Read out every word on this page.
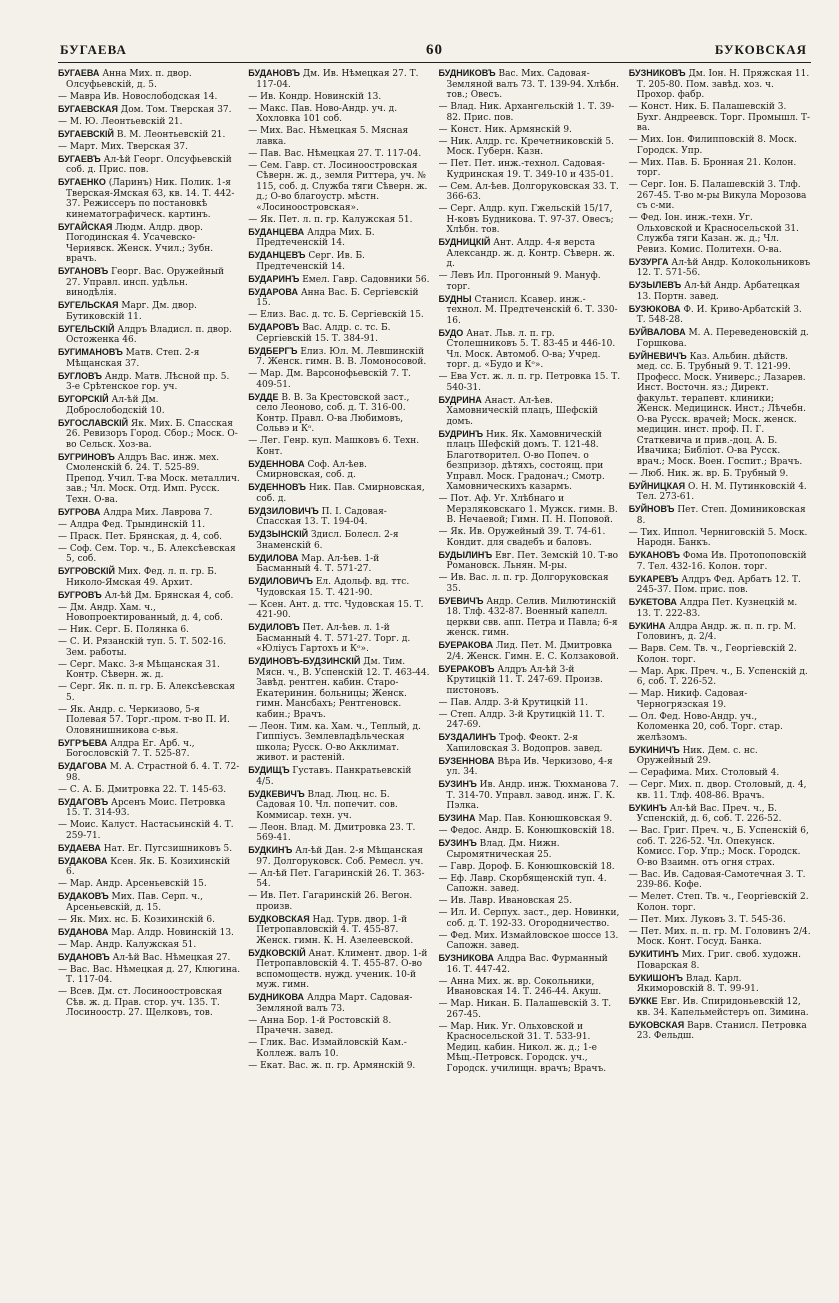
БУГАЕВА	60	БУКОВСКАЯ

БУГАЕВА Анна Мих. п. двор. Олсуфьевскій, д. 5.

— Мавра Ив. Новослободская 14.

БУГАЕВСКАЯ Дом. Том. Тверская 37.

— М. Ю. Леонтьевскій 21.

БУГАЕВСКІЙ В. М. Леонтьевскій 21.

— Март. Мих. Тверская 37.

БУГАЕВЪ Ал-ѣй Георг. Олсуфьевскій соб. д. Прис. пов.

БУГАЕНКО (Ларинъ) Ник. Полик. 1-я Тверская-Ямская 63, кв. 14. Т. 442-37. Режиссеръ по постановкѣ кинематографическ. картинъ.

БУГАЙСКАЯ Людм. Алдр. двор. Погодинская 4. Усачевско-Чериявск. Женск. Учил.; Зубн. врачъ.

БУГАНОВЪ Георг. Вас. Оружейный 27. Управл. инсп. удѣльн. винодѣлія.

БУГЕЛЬСКАЯ Марг. Дм. двор. Бутиковскій 11.

БУГЕЛЬСКІЙ Алдръ Владисл. п. двор. Остоженка 46.

БУГИМАНОВЪ Матв. Степ. 2-я Мѣщанская 37.

БУГЛОВЪ Андр. Матв. Лѣсной пр. 5. 3-е Срѣтенское гор. уч.

БУГОРСКІЙ Ал-ѣй Дм. Доброслободскій 10.

БУГОСЛАВСКІЙ Як. Мих. Б. Спасская 26. Ревизоръ Город. Сбор.; Моск. О-во Сельск. Хоз-ва.

БУГРИНОВЪ Алдръ Вас. инж. мех. Смоленскій б. 24. Т. 525-89. Препод. Учил. Т-ва Моск. металлич. зав.; Чл. Моск. Отд. Имп. Русск. Техн. О-ва.

БУГРОВА Алдра Мих. Лаврова 7.

— Алдра Фед. Трындинскій 11.

— Праск. Пет. Брянская, д. 4, соб.

— Соф. Сем. Тор. ч., Б. Алексѣевская 5, соб.

БУГРОВСКІЙ Мих. Фед. л. п. гр. Б. Николо-Ямская 49. Архит.

БУГРОВЪ Ал-ѣй Дм. Брянская 4, соб.

— Дм. Андр. Хам. ч., Новопроектированный, д. 4, соб.

— Ник. Серг. Б. Полянка 6.

— С. И. Рязанскій туп. 5. Т. 502-16. Зем. работы.

— Серг. Макс. 3-я Мѣщанская 31. Контр. Сѣверн. ж. д.

— Серг. Як. п. п. гр. Б. Алексѣевская 5.

— Як. Андр. с. Черкизово, 5-я Полевая 57. Торг.-пром. т-во П. И. Оловянишникова с-вья.

БУГРѢЕВА Алдра Ег. Арб. ч., Богословскій 7. Т. 525-87.

БУДАГОВА М. А. Страстной б. 4. Т. 72-98.

— С. А. Б. Дмитровка 22. Т. 145-63.

БУДАГОВЪ Арсенъ Моис. Петровка 15. Т. 314-93.

— Моис. Калуст. Настасьинскій 4. Т. 259-71.

БУДАЕВА Нат. Ег. Пугсзишниковъ 5.

БУДАКОВА Ксен. Як. Б. Козихинскій 6.

— Мар. Андр. Арсеньевскій 15.

БУДАКОВЪ Мих. Пав. Серп. ч., Арсеньевскій, д. 15.

— Як. Мих. нс. Б. Козихинскій 6.

БУДАНОВА Мар. Алдр. Новинскій 13.

— Мар. Андр. Калужская 51.

БУДАНОВЪ Ал-ѣй Вас. Нѣмецкая 27.

— Вас. Вас. Нѣмецкая д. 27, Клюгина. Т. 117-04.

— Всев. Дм. ст. Лосиноостровская Сѣв. ж. д. Прав. стор. уч. 135. Т. Лосиноостр. 27. Щелковъ, тов.

БУДАНОВЪ Дм. Ив. Нѣмецкая 27. Т. 117-04.

— Ив. Кондр. Новинскій 13.

— Макс. Пав. Ново-Андр. уч. д. Хохловка 101 соб.

— Мих. Вас. Нѣмецкая 5. Мясная лавка.

— Пав. Вас. Нѣмецкая 27. Т. 117-04.

— Сем. Гавр. ст. Лосиноостровская Сѣверн. ж. д., земля Риттера, уч. № 115, соб. д. Служба тяги Сѣверн. ж. д.; О-во благоустр. мѣстн. «Лосиноостровская».

— Як. Пет. л. п. гр. Калужская 51.

БУДАНЦЕВА Алдра Мих. Б. Предтеченскій 14.

БУДАНЦЕВЪ Серг. Ив. Б. Предтеченскій 14.

БУДАРИНЪ Емел. Гавр. Садовники 56.

БУДАРОВА Анна Вас. Б. Сергіевскій 15.

— Елиз. Вас. д. тс. Б. Сергіевскій 15.

БУДАРОВЪ Вас. Алдр. с. тс. Б. Сергіевскій 15. Т. 384-91.

БУДБЕРГЪ Елиз. Юл. М. Левшинскій 7. Женск. гимн. В. В. Ломоносовой.

— Мар. Дм. Варсонофьевскій 7. Т. 409-51.

БУДДЕ В. В. За Крестовской заст., село Леоново, соб. д. Т. 316-00. Контр. Правл. О-ва Любимовъ, Сольвэ и Кᵒ.

— Лег. Генр. куп. Машковъ 6. Техн. Конт.

БУДЕННОВА Соф. Ал-ѣев. Смирновская, соб. д.

БУДЕННОВЪ Ник. Пав. Смирновская, соб. д.

БУДЗИЛОВИЧЪ П. І. Садовая-Спасская 13. Т. 194-04.

БУДЗЫНСКІЙ Здисл. Болесл. 2-я Знаменскій 6.

БУДИЛОВА Мар. Ал-ѣев. 1-й Басманный 4. Т. 571-27.

БУДИЛОВИЧЪ Ел. Адольф. вд. ттс. Чудовская 15. Т. 421-90.

— Ксен. Ант. д. ттс. Чудовская 15. Т. 421-90.

БУДИЛОВЪ Пет. Ал-ѣев. л. 1-й Басманный 4. Т. 571-27. Торг. д. «Юліусъ Гартохъ и Кᵒ».

БУДИНОВЪ-БУДЗИНСКІЙ Дм. Тим. Мясн. ч., В. Успенскій 12. Т. 463-44. Завѣд. рентген. кабин. Старо-Екатеринин. больницы; Женск. гимн. Мансбахъ; Рентгеновск. кабин.; Врачъ.

— Леон. Тим. ка. Хам. ч., Теплый, д. Гиппіусъ. Землевладѣльческая школа; Русск. О-во Акклимат. живот. и растеній.

БУДИЩЪ Густавъ. Панкратьевскій 4/5.

БУДКЕВИЧЪ Влад. Люц. нс. Б. Садовая 10. Чл. попечит. сов. Коммисар. техн. уч.

— Леон. Влад. М. Дмитровка 23. Т. 569-41.

БУДКИНЪ Ал-ѣй Дан. 2-я Мѣщанская 97. Долгоруковск. Соб. Ремесл. уч.

— Ал-ѣй Пет. Гагаринскій 26. Т. 363-54.

— Ив. Пет. Гагаринскій 26. Вегон. произв.

БУДКОВСКАЯ Над. Турв. двор. 1-й Петропавловскій 4. Т. 455-87. Женск. гимн. К. Н. Азелеевской.

БУДКОВСКІЙ Анат. Климент. двор. 1-й Петропавловскій 4. Т. 455-87. О-во вспомоществ. нужд. ученик. 10-й муж. гимн.

БУДНИКОВА Алдра Март. Садовая-Земляной валъ 73.

— Анна Бор. 1-й Ростовскій 8. Прачечн. завед.

— Глик. Вас. Измайловскій Кам.-Коллеж. валъ 10.

— Екат. Вас. ж. п. гр. Армянскій 9.

БУДНИКОВЪ Вас. Мих. Садовая-Земляной валъ 73. Т. 139-94. Хлѣбн. тов.; Овесъ.

— Влад. Ник. Архангельскій 1. Т. 39-82. Прис. пов.

— Конст. Ник. Армянскій 9.

— Ник. Алдр. гс. Кречетниковскій 5. Моск. Губерн. Казн.

— Пет. Пет. инж.-технол. Садовая-Кудринская 19. Т. 349-10 и 435-01.

— Сем. Ал-ѣев. Долгоруковская 33. Т. 366-63.

— Серг. Алдр. куп. Гжельскій 15/17, Н-ковъ Будникова. Т. 97-37. Овесъ; Хлѣбн. тов.

БУДНИЦКІЙ Ант. Алдр. 4-я верста Александр. ж. д. Контр. Сѣверн. ж. д.

— Левъ Ил. Прогонный 9. Мануф. торг.

БУДНЫ Станисл. Ксавер. инж.-технол. М. Предтеченскій 6. Т. 330-16.

БУДО Анат. Льв. л. п. гр. Столешниковъ 5. Т. 83-45 и 446-10. Чл. Моск. Автомоб. О-ва; Учред. торг. д. «Будо и Кᵒ».

— Ева Уст. ж. л. п. гр. Петровка 15. Т. 540-31.

БУДРИНА Анаст. Ал-ѣев. Хамовническій плацъ, Шефскій домъ.

БУДРИНЪ Ник. Як. Хамовническій плацъ Шефскій домъ. Т. 121-48. Благотворител. О-во Попеч. о безпризор. дѣтяхъ, состоящ. при Управл. Моск. Градонач.; Смотр. Хамовническихъ казармъ.

— Пот. Аф. Уг. Хлѣбнаго и Мерзляковскаго 1. Мужск. гимн. В. В. Нечаевой; Гимн. П. Н. Поповой.

— Як. Ив. Оружейный 39. Т. 74-61. Кондит. для свадебъ и баловъ.

БУДЫЛИНЪ Евг. Пет. Земскій 10. Т-во Романовск. Льнян. М-ры.

— Ив. Вас. л. п. гр. Долгоруковская 35.

БУЕВИЧЪ Андр. Селив. Милютинскій 18. Тлф. 432-87. Военный капелл. церкви свв. апп. Петра и Павла; 6-я женск. гимн.

БУЕРАКОВА Лид. Пет. М. Дмитровка 2/4. Женск. Гимн. Е. С. Колзаковой.

БУЕРАКОВЪ Алдръ Ал-ѣй 3-й Крутицкій 11. Т. 247-69. Произв. пистоновъ.

— Пав. Алдр. 3-й Крутицкій 11.

— Степ. Алдр. 3-й Крутицкій 11. Т. 247-69.

БУЗДАЛИНЪ Троф. Феокт. 2-я Хапиловская 3. Водопров. завед.

БУЗЕННОВА Вѣра Ив. Черкизово, 4-я ул. 34.

БУЗИНЪ Ив. Андр. инж. Тюхманова 7. Т. 314-70. Управл. завод. инж. Г. К. Пэлка.

БУЗИНА Мар. Пав. Конюшковская 9.

— Федос. Андр. Б. Конюшковскій 18.

БУЗИНЪ Влад. Дм. Нижн. Сыромятническая 25.

— Гавр. Дороф. Б. Конюшковскій 18.

— Еф. Лавр. Скорбященскій туп. 4. Сапожн. завед.

— Ив. Лавр. Ивановская 25.

— Ил. И. Серпух. заст., дер. Новинки, соб. д. Т. 192-33. Огородничество.

— Фед. Мих. Измайловское шоссе 13. Сапожн. завед.

БУЗНИКОВА Алдра Вас. Фурманный 16. Т. 447-42.

— Анна Мих. ж. вр. Сокольники, Ивановская 14. Т. 246-44. Акуш.

— Мар. Никан. Б. Палашевскій 3. Т. 267-45.

— Мар. Ник. Уг. Ольховской и Красносельской 31. Т. 533-91. Медиц. кабин. Никол. ж. д.; 1-е Мѣщ.-Петровск. Городск. уч., Городск. училищн. врачъ; Врачъ.

БУЗНИКОВЪ Дм. Іон. Н. Пряжская 11. Т. 205-80. Пом. завѣд. хоз. ч. Прохор. фабр.

— Конст. Ник. Б. Палашевскій 3. Бухг. Андреевск. Торг. Промышл. Т-ва.

— Мих. Іон. Филипповскій 8. Моск. Городск. Упр.

— Мих. Пав. Б. Бронная 21. Колон. торг.

— Серг. Іон. Б. Палашевскій 3. Тлф. 267-45. Т-во м-ры Викула Морозова съ с-ми.

— Фед. Іон. инж.-техн. Уг. Ольховской и Красносельской 31. Служба тяги Казан. ж. д.; Чл. Ревиз. Комис. Политехн. О-ва.

БУЗУРГА Ал-ѣй Андр. Колокольниковъ 12. Т. 571-56.

БУЗЫЛЕВЪ Ал-ѣй Андр. Арбатецкая 13. Портн. завед.

БУЗЮКОВА Ф. И. Криво-Арбатскій 3. Т. 548-28.

БУЙВАЛОВА М. А. Переведеновскій д. Горшкова.

БУЙНЕВИЧЪ Каз. Альбин. дѣйств. мед. сс. Б. Трубный 9. Т. 121-99. Професс. Моск. Универс.; Лазарев. Инст. Восточн. яз.; Директ. факульт. терапевт. клиники; Женск. Медицинск. Инст.; Лѣчебн. О-ва Русск. врачей; Моск. женск. медицин. инст. проф. П. Г. Статкевича и прив.-доц. А. Б. Ивачика; Библіот. О-ва Русск. врач.; Моск. Воен. Госпит.; Врачъ.

— Люб. Ник. ж. вр. Б. Трубный 9.

БУЙНИЦКАЯ О. Н. М. Путинковскій 4. Тел. 273-61.

БУЙНОВЪ Пет. Степ. Доминиковская 8.

— Тих. Иппол. Черниговскій 5. Моск. Народн. Банкъ.

БУКАНОВЪ Фома Ив. Протопоповскій 7. Тел. 432-16. Колон. торг.

БУКАРЕВЪ Алдръ Фед. Арбатъ 12. Т. 245-37. Пом. прис. пов.

БУКЕТОВА Алдра Пет. Кузнецкій м. 13. Т. 222-83.

БУКИНА Алдра Андр. ж. п. п. гр. М. Головинъ, д. 2/4.

— Варв. Сем. Тв. ч., Георгіевскій 2. Колон. торг.

— Мар. Арк. Преч. ч., Б. Успенскій д. 6, соб. Т. 226-52.

— Мар. Никиф. Садовая-Черногрязская 19.

— Ол. Фед. Ново-Андр. уч., Коломенка 20, соб. Торг. стар. желѣзомъ.

БУКИНИЧЪ Ник. Дем. с. нс. Оружейный 29.

— Серафима. Мих. Столовый 4.

— Серг. Мих. п. двор. Столовый, д. 4, кв. 11. Тлф. 408-86. Врачъ.

БУКИНЪ Ал-ѣй Вас. Преч. ч., Б. Успенскій, д. 6, соб. Т. 226-52.

— Вас. Григ. Преч. ч., Б. Успенскій 6, соб. Т. 226-52. Чл. Опекунск. Комисс. Гор. Упр.; Моск. Городск. О-во Взаимн. отъ огня страх.

— Вас. Ив. Садовая-Самотечная 3. Т. 239-86. Кофе.

— Мелет. Степ. Тв. ч., Георгіевскій 2. Колон. торг.

— Пет. Мих. Луковъ 3. Т. 545-36.

— Пет. Мих. п. п. гр. М. Головинъ 2/4. Моск. Конт. Госуд. Банка.

БУКИТИНЪ Мих. Григ. своб. художн. Поварская 8.

БУКИШОНЪ Влад. Карл. Якиморовскій 8. Т. 99-91.

БУККЕ Евг. Ив. Спиридоньевскій 12, кв. 34. Капельмейстеръ оп. Зимина.

БУКОВСКАЯ Варв. Станисл. Петровка 23. Фельдш.
